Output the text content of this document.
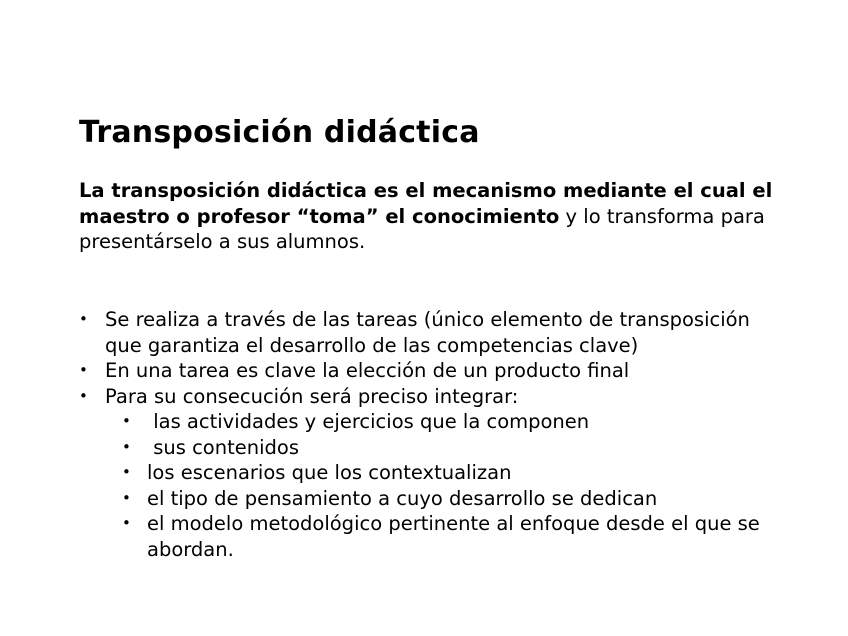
Transposición didáctica
La transposición didáctica es el mecanismo mediante el cual el maestro o profesor “toma” el conocimiento y lo transforma para presentárselo a sus alumnos.
• Se realiza a través de las tareas (único elemento de transposición que garantiza el desarrollo de las competencias clave)
• En una tarea es clave la elección de un producto final
• Para su consecución será preciso integrar:
• las actividades y ejercicios que la componen
• sus contenidos
• los escenarios que los contextualizan
• el tipo de pensamiento a cuyo desarrollo se dedican
• el modelo metodológico pertinente al enfoque desde el que se abordan.
